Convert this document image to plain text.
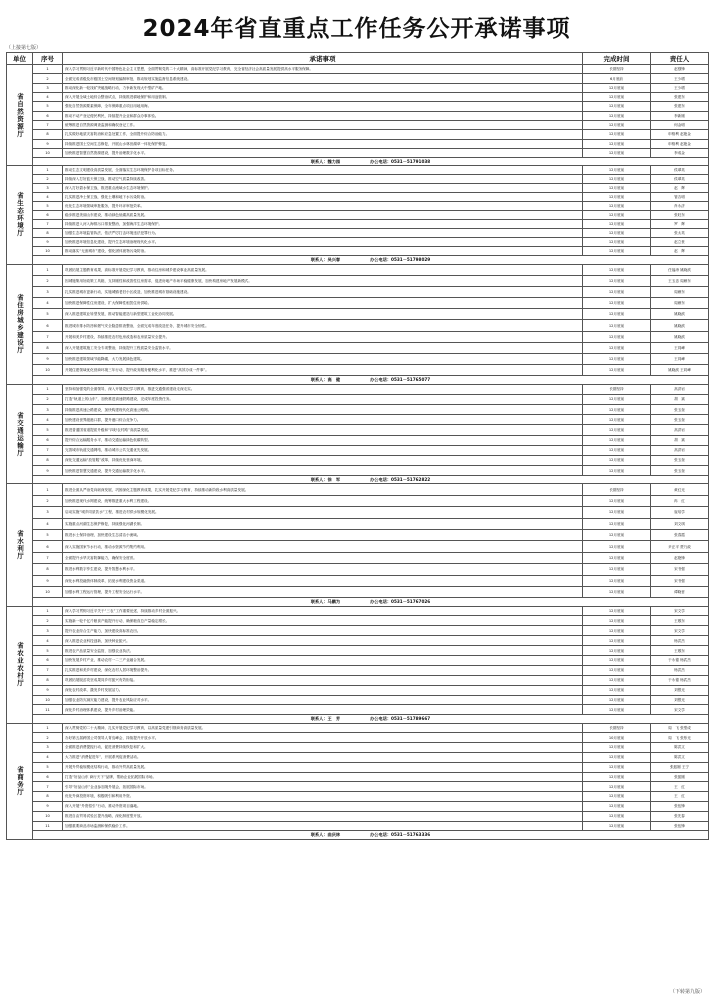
2024年省直重点工作任务公开承诺事项
（上接第七版）
单位	序号	承诺事项	完成时间	责任人

省自然资源厅	1	深入学习贯彻习近平新时代中国特色社会主义思想，全面贯彻党的二十大精神，高标准开展党纪学习教育，完全省经济社会高质量发展提供高水平服务保障。	长期坚持	赵强锋
	2	全面完成省级及市级国土空间规划编制审批，推动规划实施监督信息系统建设。	6月底前	王少增
	3	推动深化新一轮找矿突破战略行动，力争新发现大中型矿产地。	12月底前	王少增
	4	深入开展全域土地综合整治试点，持续推进耕地保护和用途管制。	12月底前	张建东
	5	强化自然资源要素保障，全年保障重点项目用地用海。	12月底前	张建东
	6	推动不动产登记便民利民，持续提升企业和群众办事体验。	12月底前	李新刚
	7	统筹推进自然资源调查监测和确权登记工作。	12月底前	何金明
	8	扎实做好地质灾害防治和应急处置工作，全面提升综合防治能力。	12月底前	申格利 赵艳金
	9	持续推进国土空间生态修复，开展山水林田湖草一体化保护修复。	12月底前	申格利 赵艳金
	10	加快推进智慧自然资源建设，提升治理数字化水平。	12月底前	李成金
	联系人：魏力园 办公电话：0531－51791038			

省生态环境厅	1	推动生态文明建设高质量发展，全面落实生态环境保护各项目标任务。	12月底前	侯翠英
	2	持续深入打好蓝天保卫战，推动空气质量持续改善。	12月底前	侯翠英
	3	深入打好碧水保卫战，推进重点流域水生态环境保护。	12月底前	赵　辉
	4	扎实推进净土保卫战，强化土壤和地下水污染防治。	12月底前	管吉明
	5	优化生态环境领域审批服务，提升环评审批效率。	12月底前	肖永济
	6	稳步推进美丽山东建设，推动绿色低碳高质量发展。	12月底前	张旺东
	7	持续推进入河入海排污口排查整治，加强海洋生态环境保护。	12月底前	罗　辉
	8	加强生态环境监管执法，依法严厉打击环境违法犯罪行为。	12月底前	张太英
	9	加快推进环境信息化建设，提升生态环境治理现代化水平。	12月底前	赵立世
	10	推动落实“无废城市”建设，强化固体废物污染防治。	12月底前	赵　辉
	联系人：吴兴春 办公电话：0531－51798029			

省住房城乡建设厅	1	巩固拓展主题教育成果，高标准开展党纪学习教育，推动住房和城乡建设事业高质量发展。	12月底前	任福涛 姚晓滨
	2	因城施策用好政策工具箱，支持刚性和改善性住房需求，促进房地产市场平稳健康发展，加快构建房地产发展新模式。	12月底前	王玉忠 周雁东
	3	扎实推进城市更新行动，实施城镇老旧小区改造，加快推进城市基础设施建设。	12月底前	周雁东
	4	加快推进保障性住房建设，扩大保障性租赁住房供给。	12月底前	周雁东
	5	深入推进建筑业转型发展，推动智能建造与新型建筑工业化协同发展。	12月底前	姚晓滨
	6	推进城市排水防涝和燃气安全隐患排查整治，全面完成年度改造任务，提升城市安全韧性。	12月底前	姚晓滨
	7	开展和美乡村建设，持续推进农村危房改造和农房质量安全提升。	12月底前	姚晓滨
	8	深入开展建筑施工安全专项整治，持续提升工程质量安全监管水平。	12月底前	王同峰
	9	加快推进建筑领域节能降碳，大力发展绿色建筑。	12月底前	王同峰
	10	开展住建领域优化营商环境三年行动，提升政务服务便利化水平，推进“高效办成一件事”。	12月底前	姚晓滨 王同峰
	联系人：高　健 办公电话：0531－51765077			

省交通运输厅	1	坚持和加强党的全面领导，深入开展党纪学习教育，推进交通强省建设走深走实。	长期坚持	高洪岩
	2	打造“轨道上的山东”，加快推进高速铁路建设，完成年度投资任务。	12月底前	胡　斌
	3	持续推进高速公路建设，加快构建现代化高速公路网。	12月底前	张玉奎
	4	加快建设世界级港口群，提升港口综合竞争力。	12月底前	张玉奎
	5	推进普通国省道提质升级和“四好农村路”高质量发展。	12月底前	高洪岩
	6	提升综合运输服务水平，推动交通运输绿色低碳转型。	12月底前	胡　斌
	7	完善城市轨道交通网络，推动城市公共交通优先发展。	12月底前	高洪岩
	8	深化交通运输“放管服”改革，持续优化营商环境。	12月底前	张玉奎
	9	加快推进智慧交通建设，提升交通运输数字化水平。	12月底前	张玉奎
	联系人：徐　军 办公电话：0531－51762822			

省水利厅	1	推进全面从严治党向纵深发展，巩固深化主题教育成果，扎实开展党纪学习教育，持续推动新阶段水利高质量发展。	长期坚持	黄红光
	2	加快推进现代水网建设，统筹推进重大水利工程建设。	12月底前	冉　红
	3	启动实施“城乡同质饮水”工程，推进农村供水规模化发展。	12月底前	崔培学
	4	实施重点河湖生态保护修复，持续强化河湖长制。	12月底前	刘文琪
	5	推进水土保持治理，加快建设生态清洁小流域。	12月底前	张春霞
	6	深入实施国家节水行动，推动水资源节约集约利用。	12月底前	尹正平 贾乃政
	7	全面提升水旱灾害防御能力，确保安全度汛。	12月底前	赵艳锋
	8	推进水利数字孪生建设，提升智慧水利水平。	12月底前	宋书强
	9	深化水利投融资体制改革，拓宽水利建设资金渠道。	12月底前	宋书强
	10	加强水利工程运行管理，提升工程安全运行水平。	12月底前	谭晓晋
	联系人：马鹏为 办公电话：0531－51767026			

省农业农村厅	1	深入学习贯彻习近平关于“三农”工作重要论述，持续推动乡村全面振兴。	12月底前	宋文学
	2	实施新一轮千亿斤粮食产能提升行动，确保粮食总产量稳定增长。	12月底前	王敬东
	3	提升农业综合生产能力，加快建设高标准农田。	12月底前	宋文学
	4	深入推进农业科技创新，加快种业振兴。	12月底前	杨武杰
	5	推进农产品质量安全监管，加强农业执法。	12月底前	王敬东
	6	加快发展乡村产业，推动农村一二三产业融合发展。	12月底前	于永德 杨武杰
	7	扎实推进和美乡村建设，深化农村人居环境整治提升。	12月底前	杨武杰
	8	巩固拓展脱贫攻坚成果同乡村振兴有效衔接。	12月底前	于永德 杨武杰
	9	深化农村改革，激发乡村发展活力。	12月底前	刘银光
	10	加强农业防灾减灾能力建设，提升农业风险应对水平。	12月底前	刘银光
	11	深化乡村治理体系建设，提升乡村治理效能。	12月底前	宋文学
	联系人：王　芳 办公电话：0531－51789667			

省商务厅	1	深入贯彻党的二十大精神，扎实开展党纪学习教育，以高质量党建引领商务高质量发展。	长期坚持	周　飞 张型成
	2	办好第五届跨国公司领导人青岛峰会，持续提升开放水平。	10月底前	周　飞 张彤光
	3	全面推进消费提振行动，促进消费持续恢复和扩大。	12月底前	陈武文
	4	大力推进“消费促进年”，开展系列促消费活动。	12月底前	陈武文
	5	开展外贸稳规模优结构行动，推动外贸高质量发展。	12月底前	张振刚 王宁
	6	打造“好品山东 商行天下”品牌，帮助企业拓展国际市场。	12月底前	张振刚
	7	引导“好品山东”企业参加境外展会，拓展国际市场。	12月底前	王　红
	8	优化外商投资环境，积极吸引和利用外资。	12月底前	王　红
	9	深入开展“外资招引”行动，推动外资项目落地。	12月底前	张伍锋
	10	推进自由贸易试验区提升战略，深化制度型开放。	12月底前	张先春
	11	加强重要商品市场监测和保供稳价工作。	12月底前	张伍锋
	联系人：曲庆林 办公电话：0531－51763336			
（下转第九版）
